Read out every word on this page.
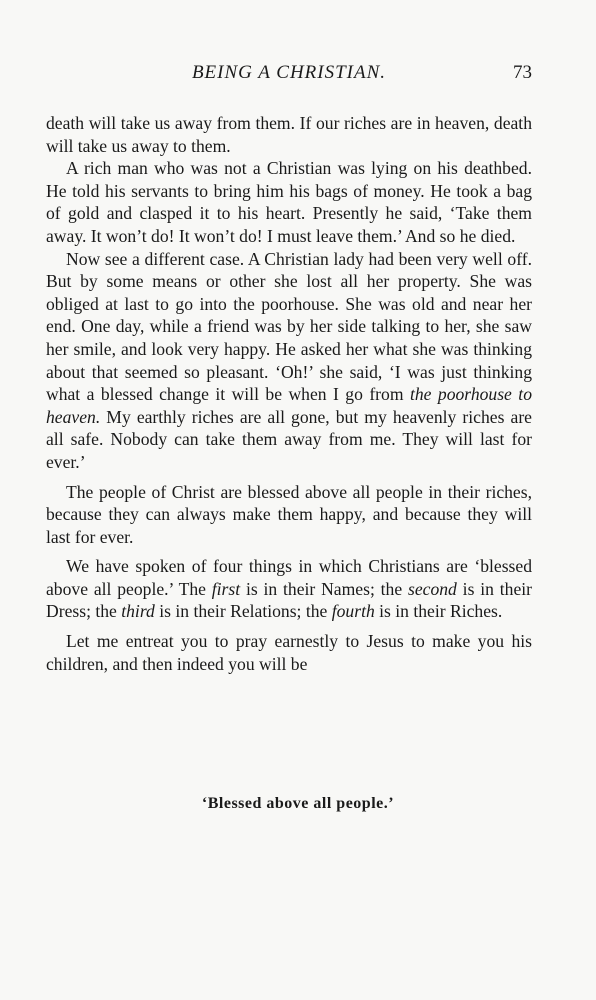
BEING A CHRISTIAN.	73

death will take us away from them. If our riches are in heaven, death will take us away to them.

A rich man who was not a Christian was lying on his deathbed. He told his servants to bring him his bags of money. He took a bag of gold and clasped it to his heart. Presently he said, ‘Take them away. It won’t do! It won’t do! I must leave them.’ And so he died.

Now see a different case. A Christian lady had been very well off. But by some means or other she lost all her property. She was obliged at last to go into the poorhouse. She was old and near her end. One day, while a friend was by her side talking to her, she saw her smile, and look very happy. He asked her what she was thinking about that seemed so pleasant. ‘Oh!’ she said, ‘I was just thinking what a blessed change it will be when I go from the poorhouse to heaven. My earthly riches are all gone, but my heavenly riches are all safe. Nobody can take them away from me. They will last for ever.’

The people of Christ are blessed above all people in their riches, because they can always make them happy, and because they will last for ever.

We have spoken of four things in which Christians are ‘blessed above all people.’ The first is in their Names; the second is in their Dress; the third is in their Relations; the fourth is in their Riches.

Let me entreat you to pray earnestly to Jesus to make you his children, and then indeed you will be

‘Blessed above all people.’
